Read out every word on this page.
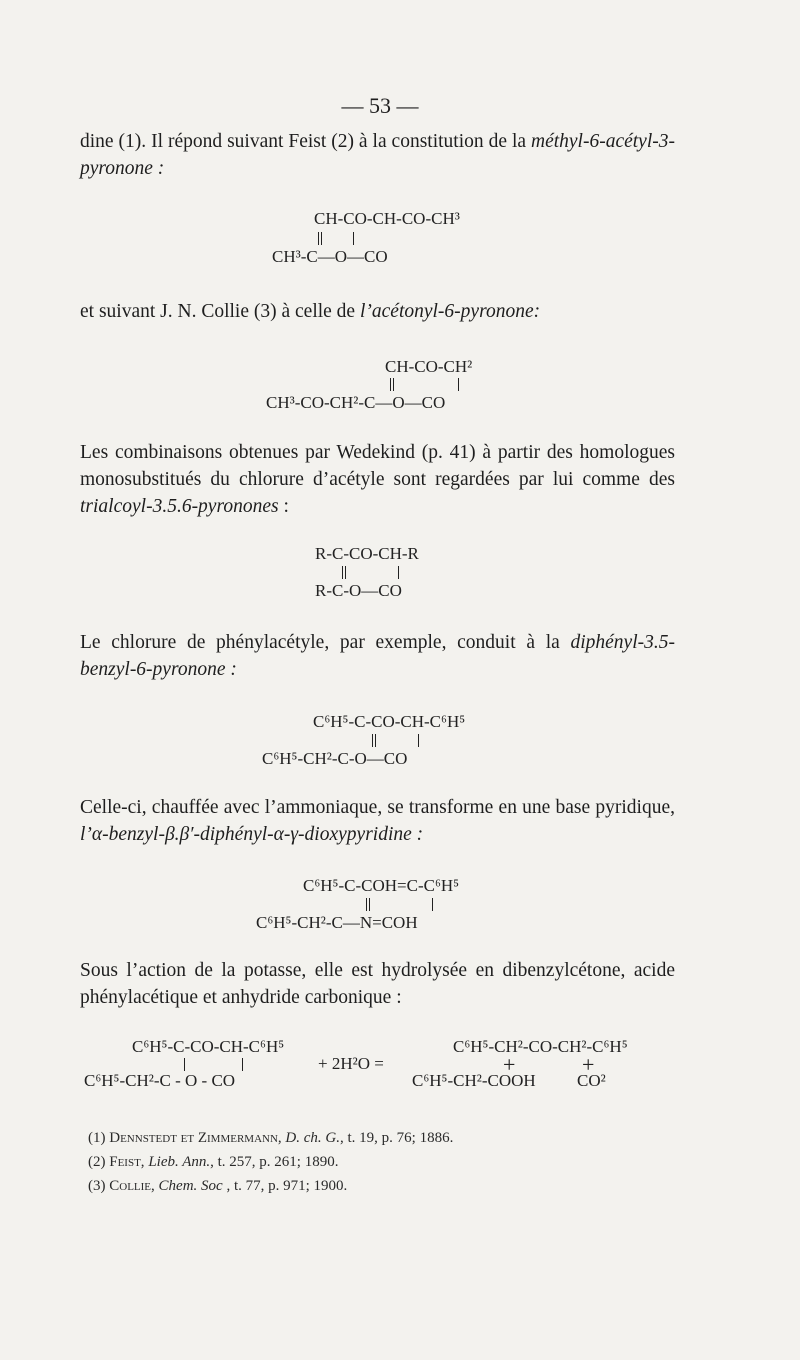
— 53 —
dine (1). Il répond suivant Feist (2) à la constitution de la méthyl-6-acétyl-3-pyronone :
CH-CO-CH-CO-CH³
CH³-C—O—CO
et suivant J. N. Collie (3) à celle de l’acétonyl-6-pyronone:
CH-CO-CH²
CH³-CO-CH²-C—O—CO
Les combinaisons obtenues par Wedekind (p. 41) à partir des homologues monosubstitués du chlorure d’acétyle sont regardées par lui comme des trialcoyl-3.5.6-pyronones :
R-C-CO-CH-R
R-C-O—CO
Le chlorure de phénylacétyle, par exemple, conduit à la diphényl-3.5-benzyl-6-pyronone :
C⁶H⁵-C-CO-CH-C⁶H⁵
C⁶H⁵-CH²-C-O—CO
Celle-ci, chauffée avec l’ammoniaque, se transforme en une base pyridique, l’α-benzyl-β.β′-diphényl-α-γ-dioxypyridine :
C⁶H⁵-C-COH=C-C⁶H⁵
C⁶H⁵-CH²-C—N=COH
Sous l’action de la potasse, elle est hydrolysée en dibenzylcétone, acide phénylacétique et anhydride carbonique :
C⁶H⁵-C-CO-CH-C⁶H⁵
C⁶H⁵-CH²-C - O - CO
+ 2H²O =
C⁶H⁵-CH²-CO-CH²-C⁶H⁵
+	+
C⁶H⁵-CH²-COOH CO²
(1) Dennstedt et Zimmermann, D. ch. G., t. 19, p. 76; 1886.
(2) Feist, Lieb. Ann., t. 257, p. 261; 1890.
(3) Collie, Chem. Soc , t. 77, p. 971; 1900.
